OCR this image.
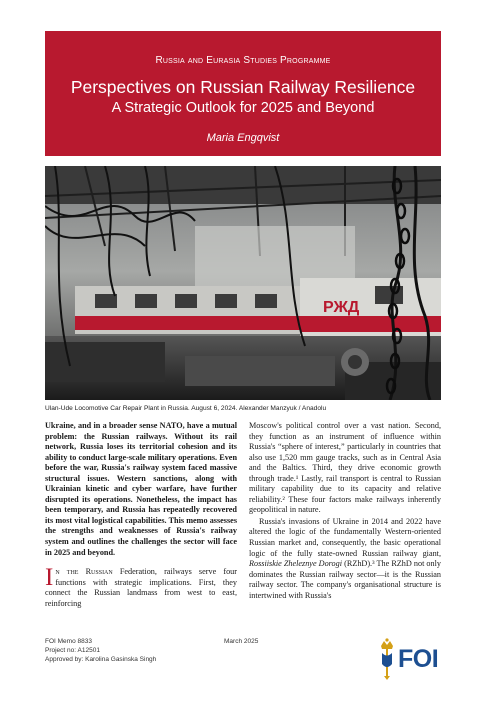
Russia and Eurasia Studies Programme
Perspectives on Russian Railway Resilience
A Strategic Outlook for 2025 and Beyond
Maria Engqvist
РЖД
Ulan-Ude Locomotive Car Repair Plant in Russia. August 6, 2024. Alexander Manzyuk / Anadolu

Ukraine, and in a broader sense NATO, have a mutual problem: the Russian railways. Without its rail network, Russia loses its territorial cohesion and its ability to conduct large-scale military operations. Even before the war, Russia's railway system faced massive structural issues. Western sanctions, along with Ukrainian kinetic and cyber warfare, have further disrupted its operations. Nonetheless, the impact has been temporary, and Russia has repeatedly recovered its most vital logistical capabilities. This memo assesses the strengths and weaknesses of Russia's railway system and outlines the challenges the sector will face in 2025 and beyond.

In the Russian Federation, railways serve four functions with strategic implications. First, they connect the Russian landmass from west to east, reinforcing

Moscow's political control over a vast nation. Second, they function as an instrument of influence within Russia's “sphere of interest,” particularly in countries that also use 1,520 mm gauge tracks, such as in Central Asia and the Baltics. Third, they drive economic growth through trade.¹ Lastly, rail transport is central to Russian military capability due to its capacity and relative reliability.² These four factors make railways inherently geopolitical in nature.

Russia's invasions of Ukraine in 2014 and 2022 have altered the logic of the fundamentally Western-oriented Russian market and, consequently, the basic operational logic of the fully state-owned Russian railway giant, Rossiiskie Zheleznye Dorogi (RZhD).³ The RZhD not only dominates the Russian railway sector—it is the Russian railway sector. The company's organisational structure is intertwined with Russia's

FOI Memo 8833
Project no: A12501
Approved by: Karolina Gasinska Singh
March 2025
FOI
